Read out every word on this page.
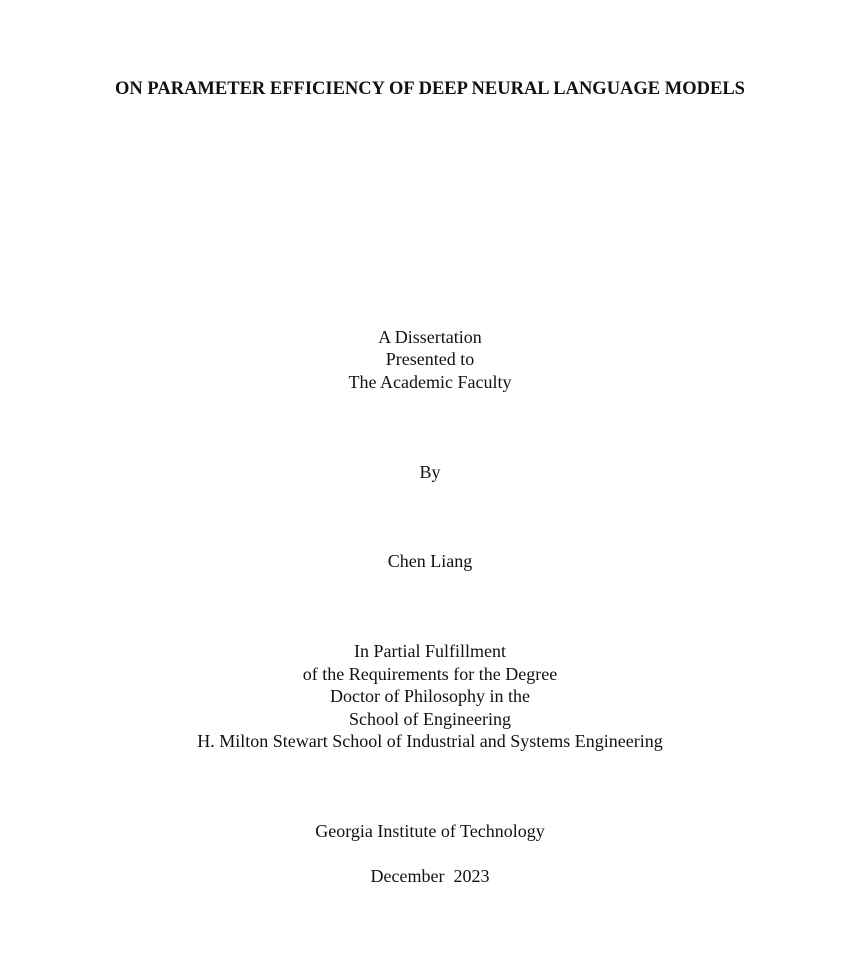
ON PARAMETER EFFICIENCY OF DEEP NEURAL LANGUAGE MODELS
A Dissertation
Presented to
The Academic Faculty
By
Chen Liang
In Partial Fulfillment
of the Requirements for the Degree
Doctor of Philosophy in the
School of Engineering
H. Milton Stewart School of Industrial and Systems Engineering
Georgia Institute of Technology
December  2023
